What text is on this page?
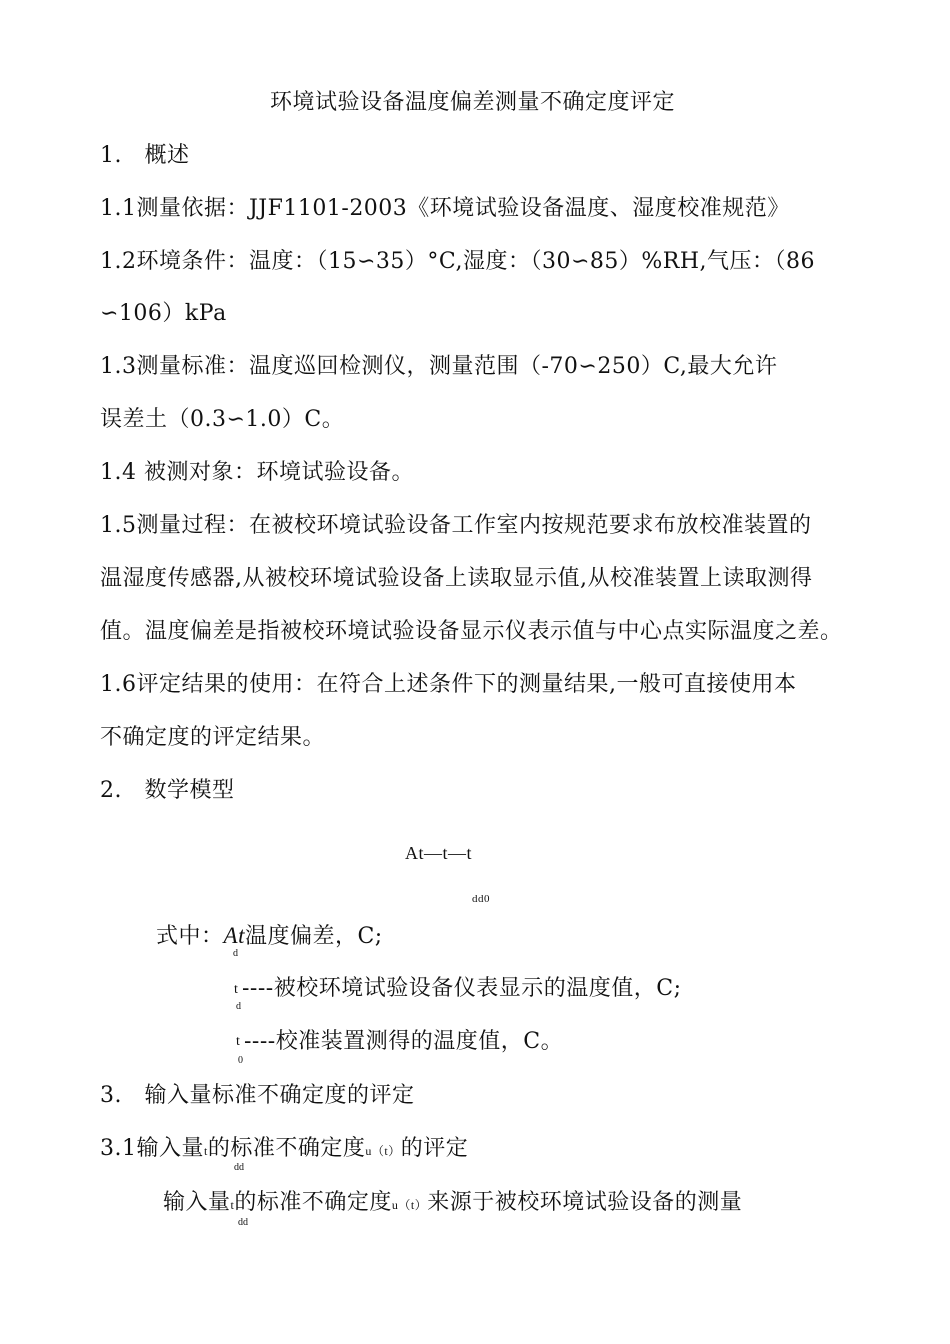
环境试验设备温度偏差测量不确定度评定
1.　概述
1.1测量依据：JJF1101-2003《环境试验设备温度、湿度校准规范》
1.2环境条件：温度：（15∽35）°C,湿度：（30∽85）%RH,气压：（86
∽106）kPa
1.3测量标准：温度巡回检测仪，测量范围（-70∽250）C,最大允许
误差土（0.3∽1.0）C。
1.4 被测对象：环境试验设备。
1.5测量过程：在被校环境试验设备工作室内按规范要求布放校准装置的
温湿度传感器,从被校环境试验设备上读取显示值,从校准装置上读取测得
值。温度偏差是指被校环境试验设备显示仪表示值与中心点实际温度之差。
1.6评定结果的使用：在符合上述条件下的测量结果,一般可直接使用本
不确定度的评定结果。
2.　数学模型
At—t—t
dd0
式中：At温度偏差，C;
d
t
d
----被校环境试验设备仪表显示的温度值，C;
t
0
----校准装置测得的温度值，C。
3.　输入量标准不确定度的评定
3.1输入量t的标准不确定度u（t）的评定
dd
输入量t的标准不确定度u（t）来源于被校环境试验设备的测量
dd
